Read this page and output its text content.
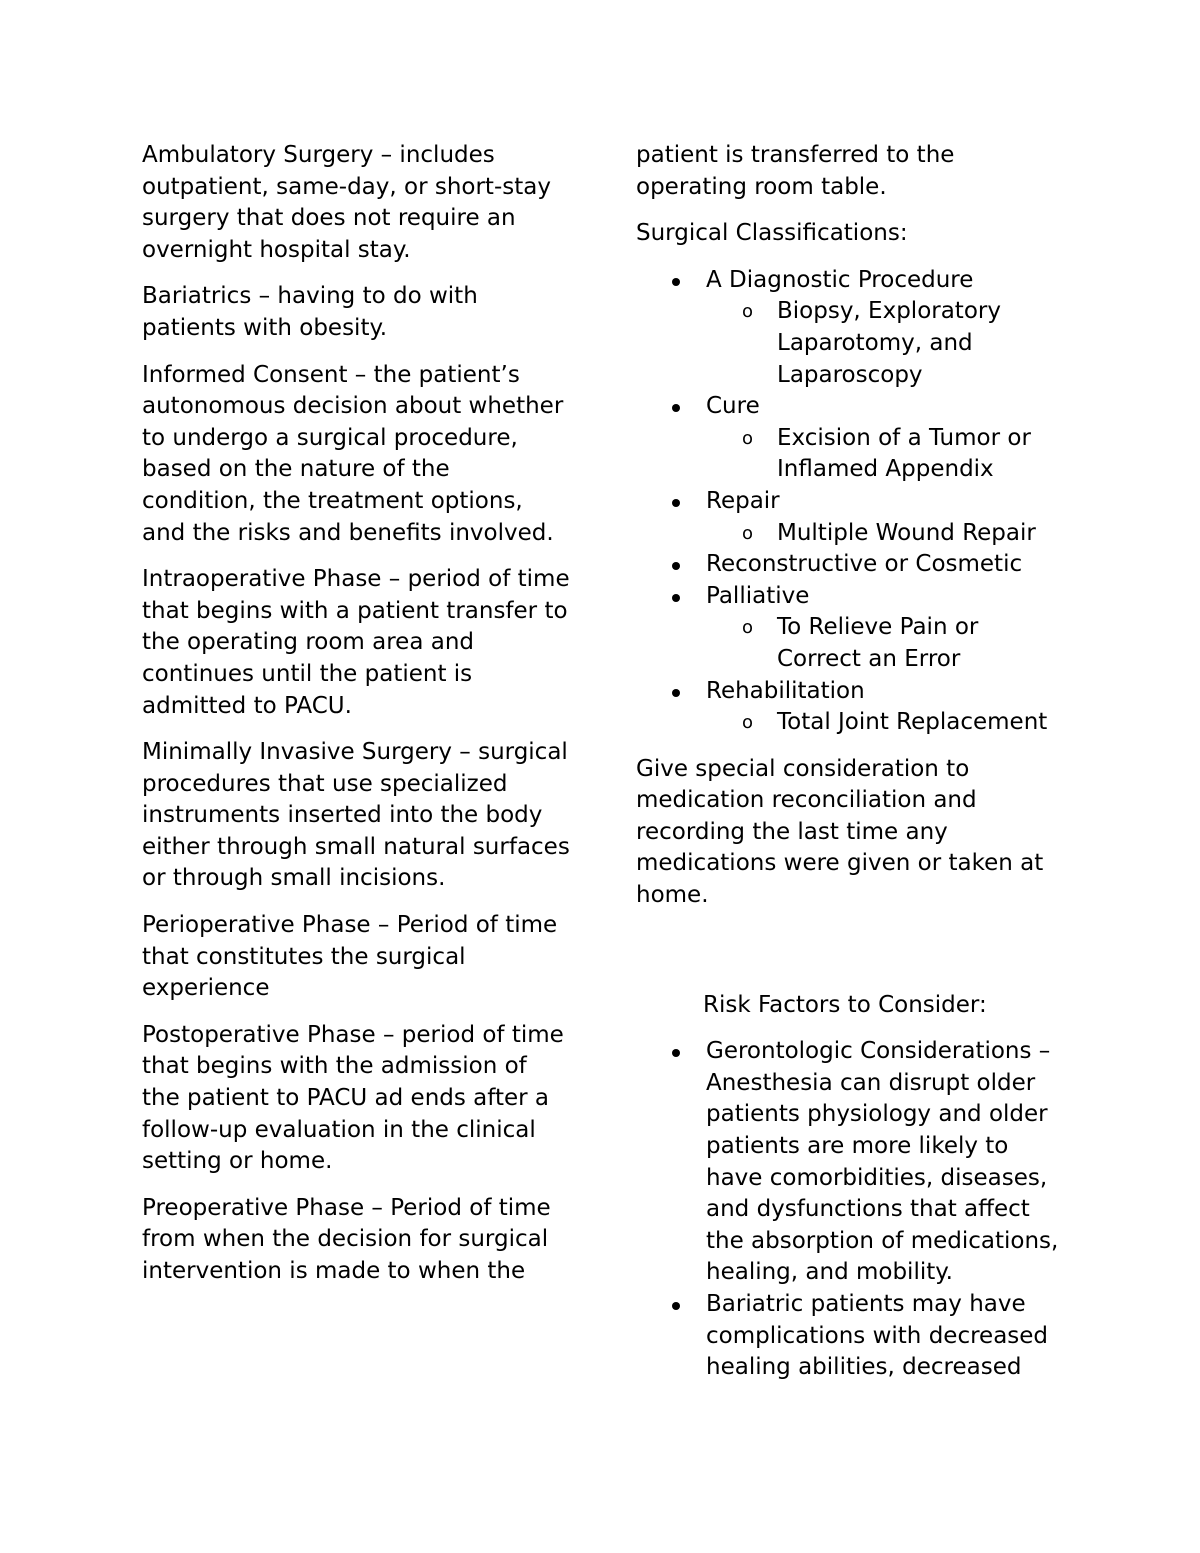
Ambulatory Surgery – includes outpatient, same-day, or short-stay surgery that does not require an overnight hospital stay.

Bariatrics – having to do with patients with obesity.

Informed Consent – the patient’s autonomous decision about whether to undergo a surgical procedure, based on the nature of the condition, the treatment options, and the risks and benefits involved.

Intraoperative Phase – period of time that begins with a patient transfer to the operating room area and continues until the patient is admitted to PACU.

Minimally Invasive Surgery – surgical procedures that use specialized instruments inserted into the body either through small natural surfaces or through small incisions.

Perioperative Phase – Period of time that constitutes the surgical experience

Postoperative Phase – period of time that begins with the admission of the patient to PACU ad ends after a follow-up evaluation in the clinical setting or home.

Preoperative Phase – Period of time from when the decision for surgical intervention is made to when the

patient is transferred to the operating room table.

Surgical Classifications:

A Diagnostic Procedure
o Biopsy, Exploratory Laparotomy, and Laparoscopy
Cure
o Excision of a Tumor or Inflamed Appendix
Repair
o Multiple Wound Repair
Reconstructive or Cosmetic
Palliative
o To Relieve Pain or Correct an Error
Rehabilitation
o Total Joint Replacement

Give special consideration to medication reconciliation and recording the last time any medications were given or taken at home.

Risk Factors to Consider:

Gerontologic Considerations – Anesthesia can disrupt older patients physiology and older patients are more likely to have comorbidities, diseases, and dysfunctions that affect the absorption of medications, healing, and mobility.
Bariatric patients may have complications with decreased healing abilities, decreased
